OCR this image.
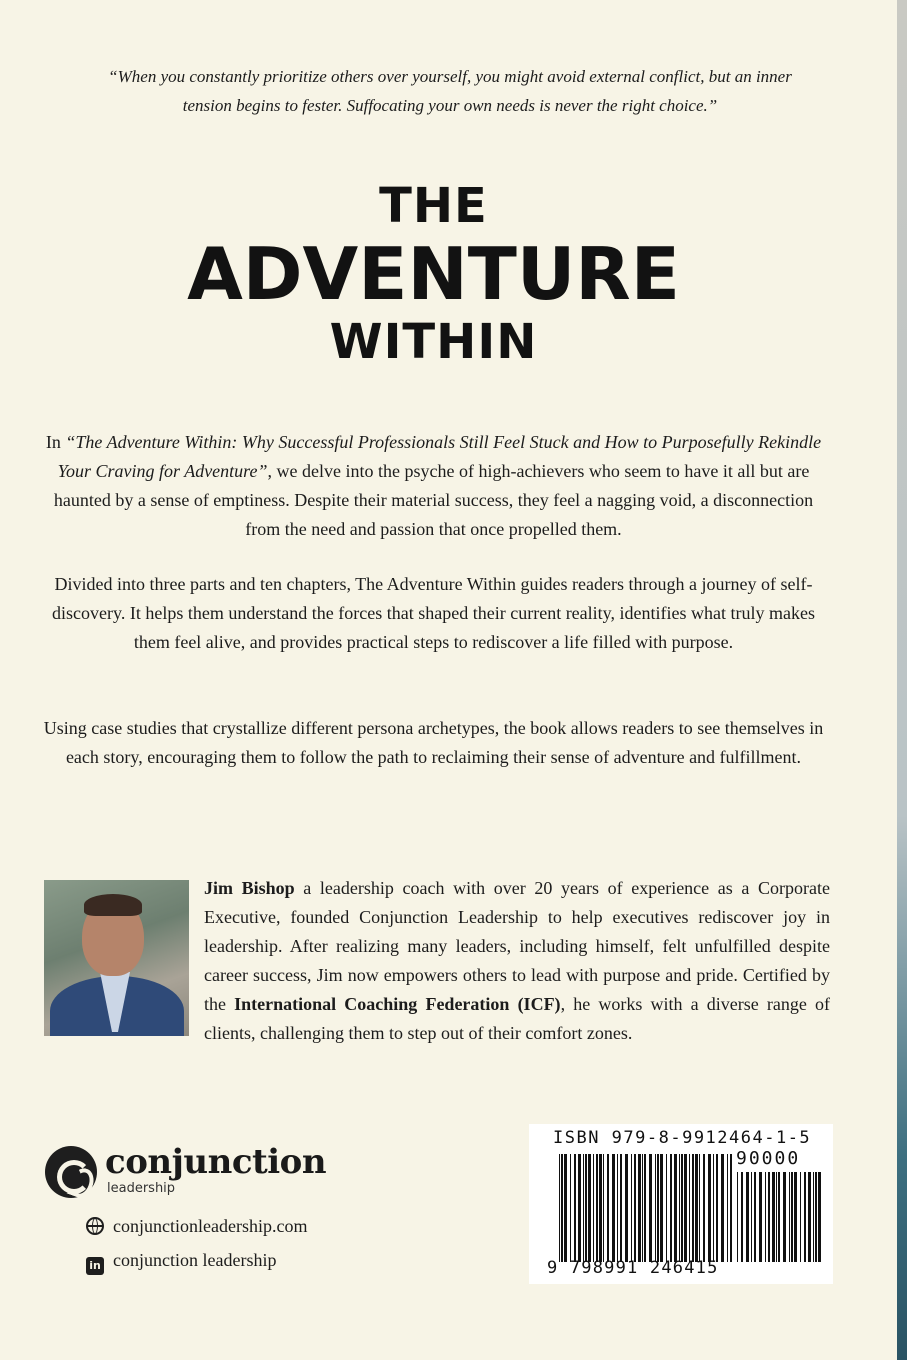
“When you constantly prioritize others over yourself, you might avoid external conflict, but an inner
tension begins to fester. Suffocating your own needs is never the right choice.”
THE
ADVENTURE
WITHIN
In “The Adventure Within: Why Successful Professionals Still Feel Stuck and How to Purposefully Rekindle Your Craving for Adventure”, we delve into the psyche of high-achievers who seem to have it all but are haunted by a sense of emptiness. Despite their material success, they feel a nagging void, a disconnection from the need and passion that once propelled them.
Divided into three parts and ten chapters, The Adventure Within guides readers through a journey of self-discovery. It helps them understand the forces that shaped their current reality, identifies what truly makes them feel alive, and provides practical steps to rediscover a life filled with purpose.
Using case studies that crystallize different persona archetypes, the book allows readers to see themselves in each story, encouraging them to follow the path to reclaiming their sense of adventure and fulfillment.
Jim Bishop a leadership coach with over 20 years of experience as a Corporate Executive, founded Conjunction Leadership to help executives rediscover joy in leadership. After realizing many leaders, including himself, felt unfulfilled despite career success, Jim now empowers others to lead with purpose and pride. Certified by the International Coaching Federation (ICF), he works with a diverse range of clients, challenging them to step out of their comfort zones.
conjunction
leadership
conjunctionleadership.com
in conjunction leadership
ISBN 979-8-9912464-1-5
90000
9 798991 246415
